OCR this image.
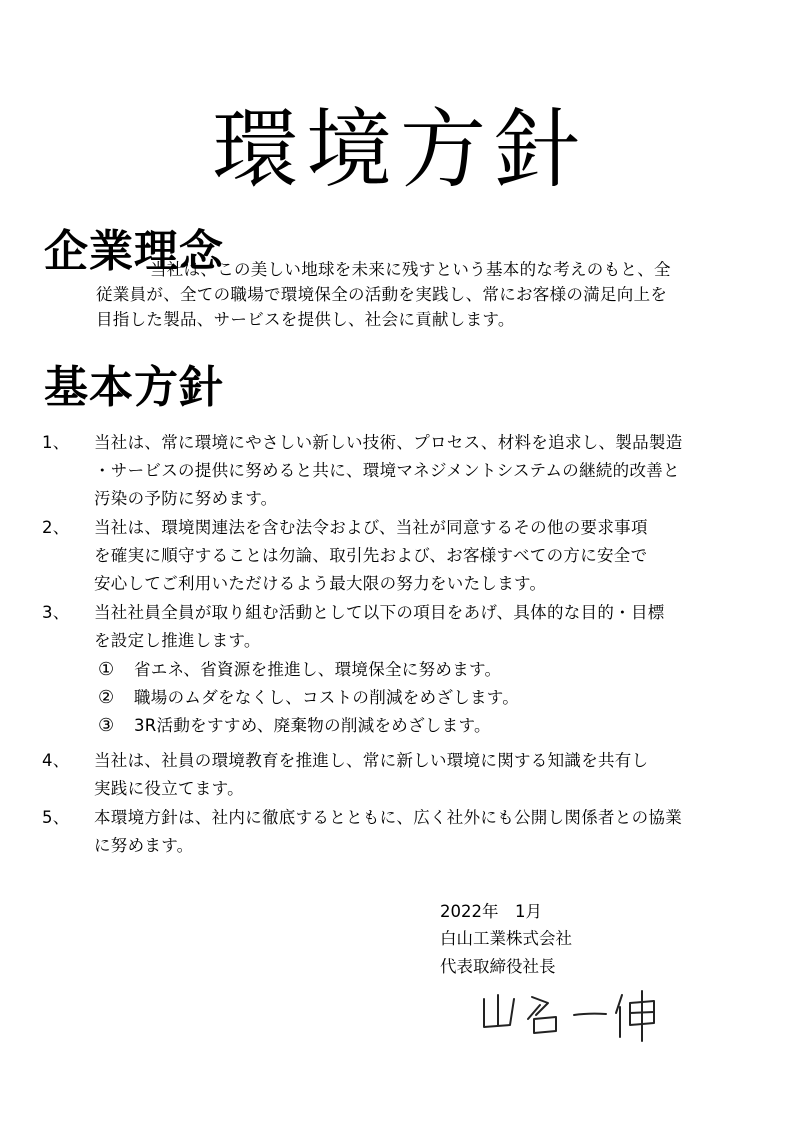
環境方針
企業理念
当社は、この美しい地球を未来に残すという基本的な考えのもと、全
従業員が、全ての職場で環境保全の活動を実践し、常にお客様の満足向上を
目指した製品、サービスを提供し、社会に貢献します。
基本方針
1、 当社は、常に環境にやさしい新しい技術、プロセス、材料を追求し、製品製造
・サービスの提供に努めると共に、環境マネジメントシステムの継続的改善と
汚染の予防に努めます。
2、 当社は、環境関連法を含む法令および、当社が同意するその他の要求事項
を確実に順守することは勿論、取引先および、お客様すべての方に安全で
安心してご利用いただけるよう最大限の努力をいたします。
3、 当社社員全員が取り組む活動として以下の項目をあげ、具体的な目的・目標
を設定し推進します。
① 省エネ、省資源を推進し、環境保全に努めます。
② 職場のムダをなくし、コストの削減をめざします。
③ 3R活動をすすめ、廃棄物の削減をめざします。
4、 当社は、社員の環境教育を推進し、常に新しい環境に関する知識を共有し
実践に役立てます。
5、 本環境方針は、社内に徹底するとともに、広く社外にも公開し関係者との協業
に努めます。
2022年　1月
白山工業株式会社
代表取締役社長
